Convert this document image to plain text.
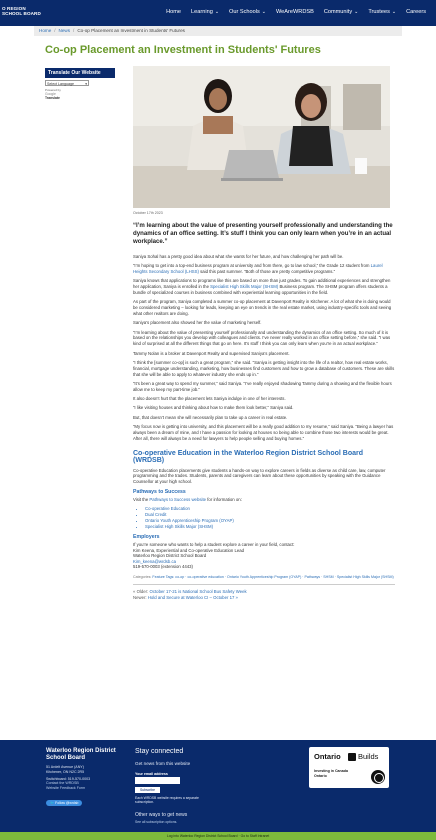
O REGION
SCHOOL BOARD	Home Learning ⌄ Our Schools ⌄ WeAreWRDSB Community ⌄ Trustees ⌄ Careers
Home / News / Co-op Placement an Investment in Students' Futures
Co-op Placement an Investment in Students' Futures
Translate Our Website
Select Language	▾
Powered by
Google
Translate
October 17th 2023

“I’m learning about the value of presenting yourself professionally and understanding the dynamics of an office setting. It’s stuff I think you can only learn when you’re in an actual workplace.”

Saniya Sohal has a pretty good idea about what she wants for her future, and how challenging her path will be.

“I’m hoping to get into a top-end business program at university and from there, go to law school,” the Grade 12 student from Laurel Heights Secondary School (LHSS) said this past summer. “Both of those are pretty competitive programs.”

Saniya knows that applications to programs like this are based on more than just grades. To gain additional experiences and strengthen her application, Saniya is enrolled in the Specialist High Skills Major (SHSM) Business program. The SHSM program offers students a bundle of specialized courses in business combined with experiential learning opportunities in the field.

As part of the program, Saniya completed a summer co-op placement at Davenport Realty in Kitchener. A lot of what she is doing would be considered marketing – looking for leads, keeping an eye on trends in the real estate market, using industry-specific tools and seeing what other realtors are doing.

Saniya’s placement also showed her the value of marketing herself.

“I’m learning about the value of presenting yourself professionally and understanding the dynamics of an office setting. So much of it is based on the relationships you develop with colleagues and clients. I’ve never really worked in an office setting before,” she said. “I was kind of surprised at all the different things that go on here. It’s stuff I think you can only learn when you’re in an actual workplace.”

Tammy Nolan is a broker at Davenport Realty and supervised Saniya’s placement.

“I think the [summer co-op] is such a great program,” she said. “Saniya is getting insight into the life of a realtor, how real estate works, financial, mortgage understanding, marketing, how businesses find customers and how to grow a database of customers. These are skills that she will be able to apply to whatever industry she ends up in.”

“It’s been a great way to spend my summer,” said Saniya. “I’ve really enjoyed shadowing Tammy during a showing and the flexible hours allow me to keep my part-time job.”

It also doesn’t hurt that the placement lets Saniya indulge in one of her interests.

“I like visiting houses and thinking about how to make them look better,” Saniya said.

But, that doesn’t mean she will necessarily plan to take up a career in real estate.

“My focus now is getting into university, and this placement will be a really good addition to my resume,” said Saniya. “Being a lawyer has always been a dream of mine, and I have a passion for looking at houses so being able to combine those two interests would be great. After all, there will always be a need for lawyers to help people selling and buying homes.”

Co-operative Education in the Waterloo Region District School Board (WRDSB)

Co-operative Education placements give students a hands-on way to explore careers in fields as diverse as child care, law, computer programming and the trades. Students, parents and caregivers can learn about these opportunities by speaking with the Guidance Counsellor at your high school.

Pathways to Success

Visit the Pathways to Success website for information on:

• Co-operative Education
• Dual Credit
• Ontario Youth Apprenticeship Program (OYAP)
• Specialist High Skills Major (SHSM)
Employers
If you’re someone who wants to help a student explore a career in your field, contact:
Kim Keena, Experiential and Co-operative Education Lead
Waterloo Region District School Board
Kim_keena@wrdsb.ca
519-570-0003 (extension 4443)
Categories: Feature Tags: co-op · co-operative education · Ontario Youth Apprenticeship Program (OYAP) · Pathways · SHSM · Specialist High Skills Major (SHSM)
« Older: October 17-21 is National School Bus Safety Week
Newer: Hold and Secure at Waterloo CI – October 17 »
Waterloo Region District School Board
51 Ardelt Avenue (ANY)
Kitchener, ON N2C 2R5
Switchboard: 519-570-0003
Contact the WRDSB
Website Feedback Form
🐦 Follow @wrdsb
Stay connected
Get news from this website
Your email address
Subscribe
Each WRDSB website requires a separate subscription.
Other ways to get news
See all subscription options.
Ontario Builds
Investing in Canada
Ontario
Log into Waterloo Region District School Board · Go to Staff Intranet
